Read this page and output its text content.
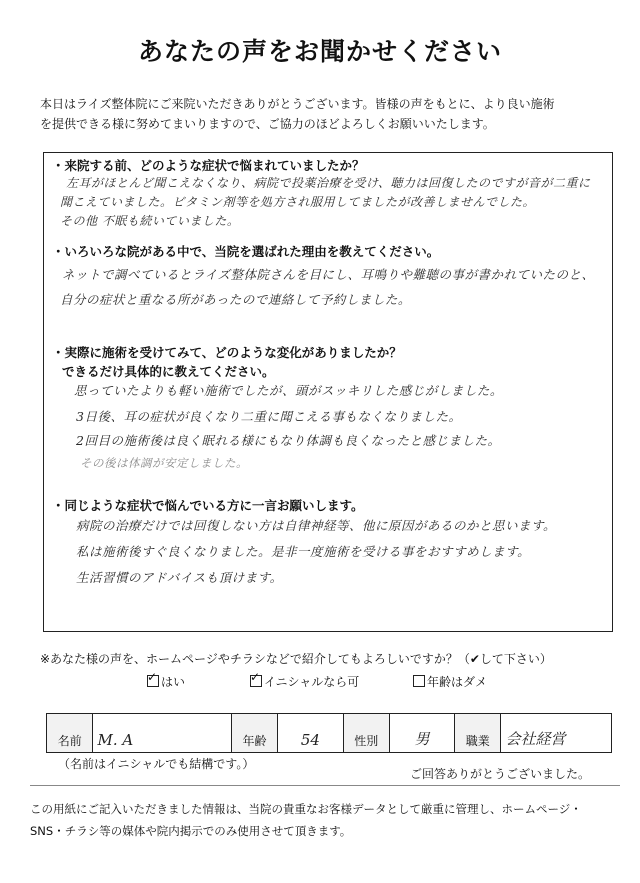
あなたの声をお聞かせください
本日はライズ整体院にご来院いただきありがとうございます。皆様の声をもとに、より良い施術
を提供できる様に努めてまいりますので、ご協力のほどよろしくお願いいたします。
・来院する前、どのような症状で悩まれていましたか？
左耳がほとんど聞こえなくなり、病院で投薬治療を受け、聴力は回復したのですが音が二重に
聞こえていました。ビタミン剤等を処方され服用してましたが改善しませんでした。
その他 不眠も続いていました。
・いろいろな院がある中で、当院を選ばれた理由を教えてください。
ネットで調べているとライズ整体院さんを目にし、耳鳴りや難聴の事が書かれていたのと、
自分の症状と重なる所があったので連絡して予約しました。
・実際に施術を受けてみて、どのような変化がありましたか？
できるだけ具体的に教えてください。
思っていたよりも軽い施術でしたが、頭がスッキリした感じがしました。
3日後、耳の症状が良くなり二重に聞こえる事もなくなりました。
2回目の施術後は良く眠れる様にもなり体調も良くなったと感じました。
その後は体調が安定しました。
・同じような症状で悩んでいる方に一言お願いします。
病院の治療だけでは回復しない方は自律神経等、他に原因があるのかと思います。
私は施術後すぐ良くなりました。是非一度施術を受ける事をおすすめします。
生活習慣のアドバイスも頂けます。
※あなた様の声を、ホームページやチラシなどで紹介してもよろしいですか？（✔して下さい）
✓はい
✓	イニシャルなら可	年齢はダメ
名前	M. A	年齢	54	性別	男	職業	会社経営
（名前はイニシャルでも結構です。）
ご回答ありがとうございました。
この用紙にご記入いただきました情報は、当院の貴重なお客様データとして厳重に管理し、ホームページ・
SNS・チラシ等の媒体や院内掲示でのみ使用させて頂きます。
